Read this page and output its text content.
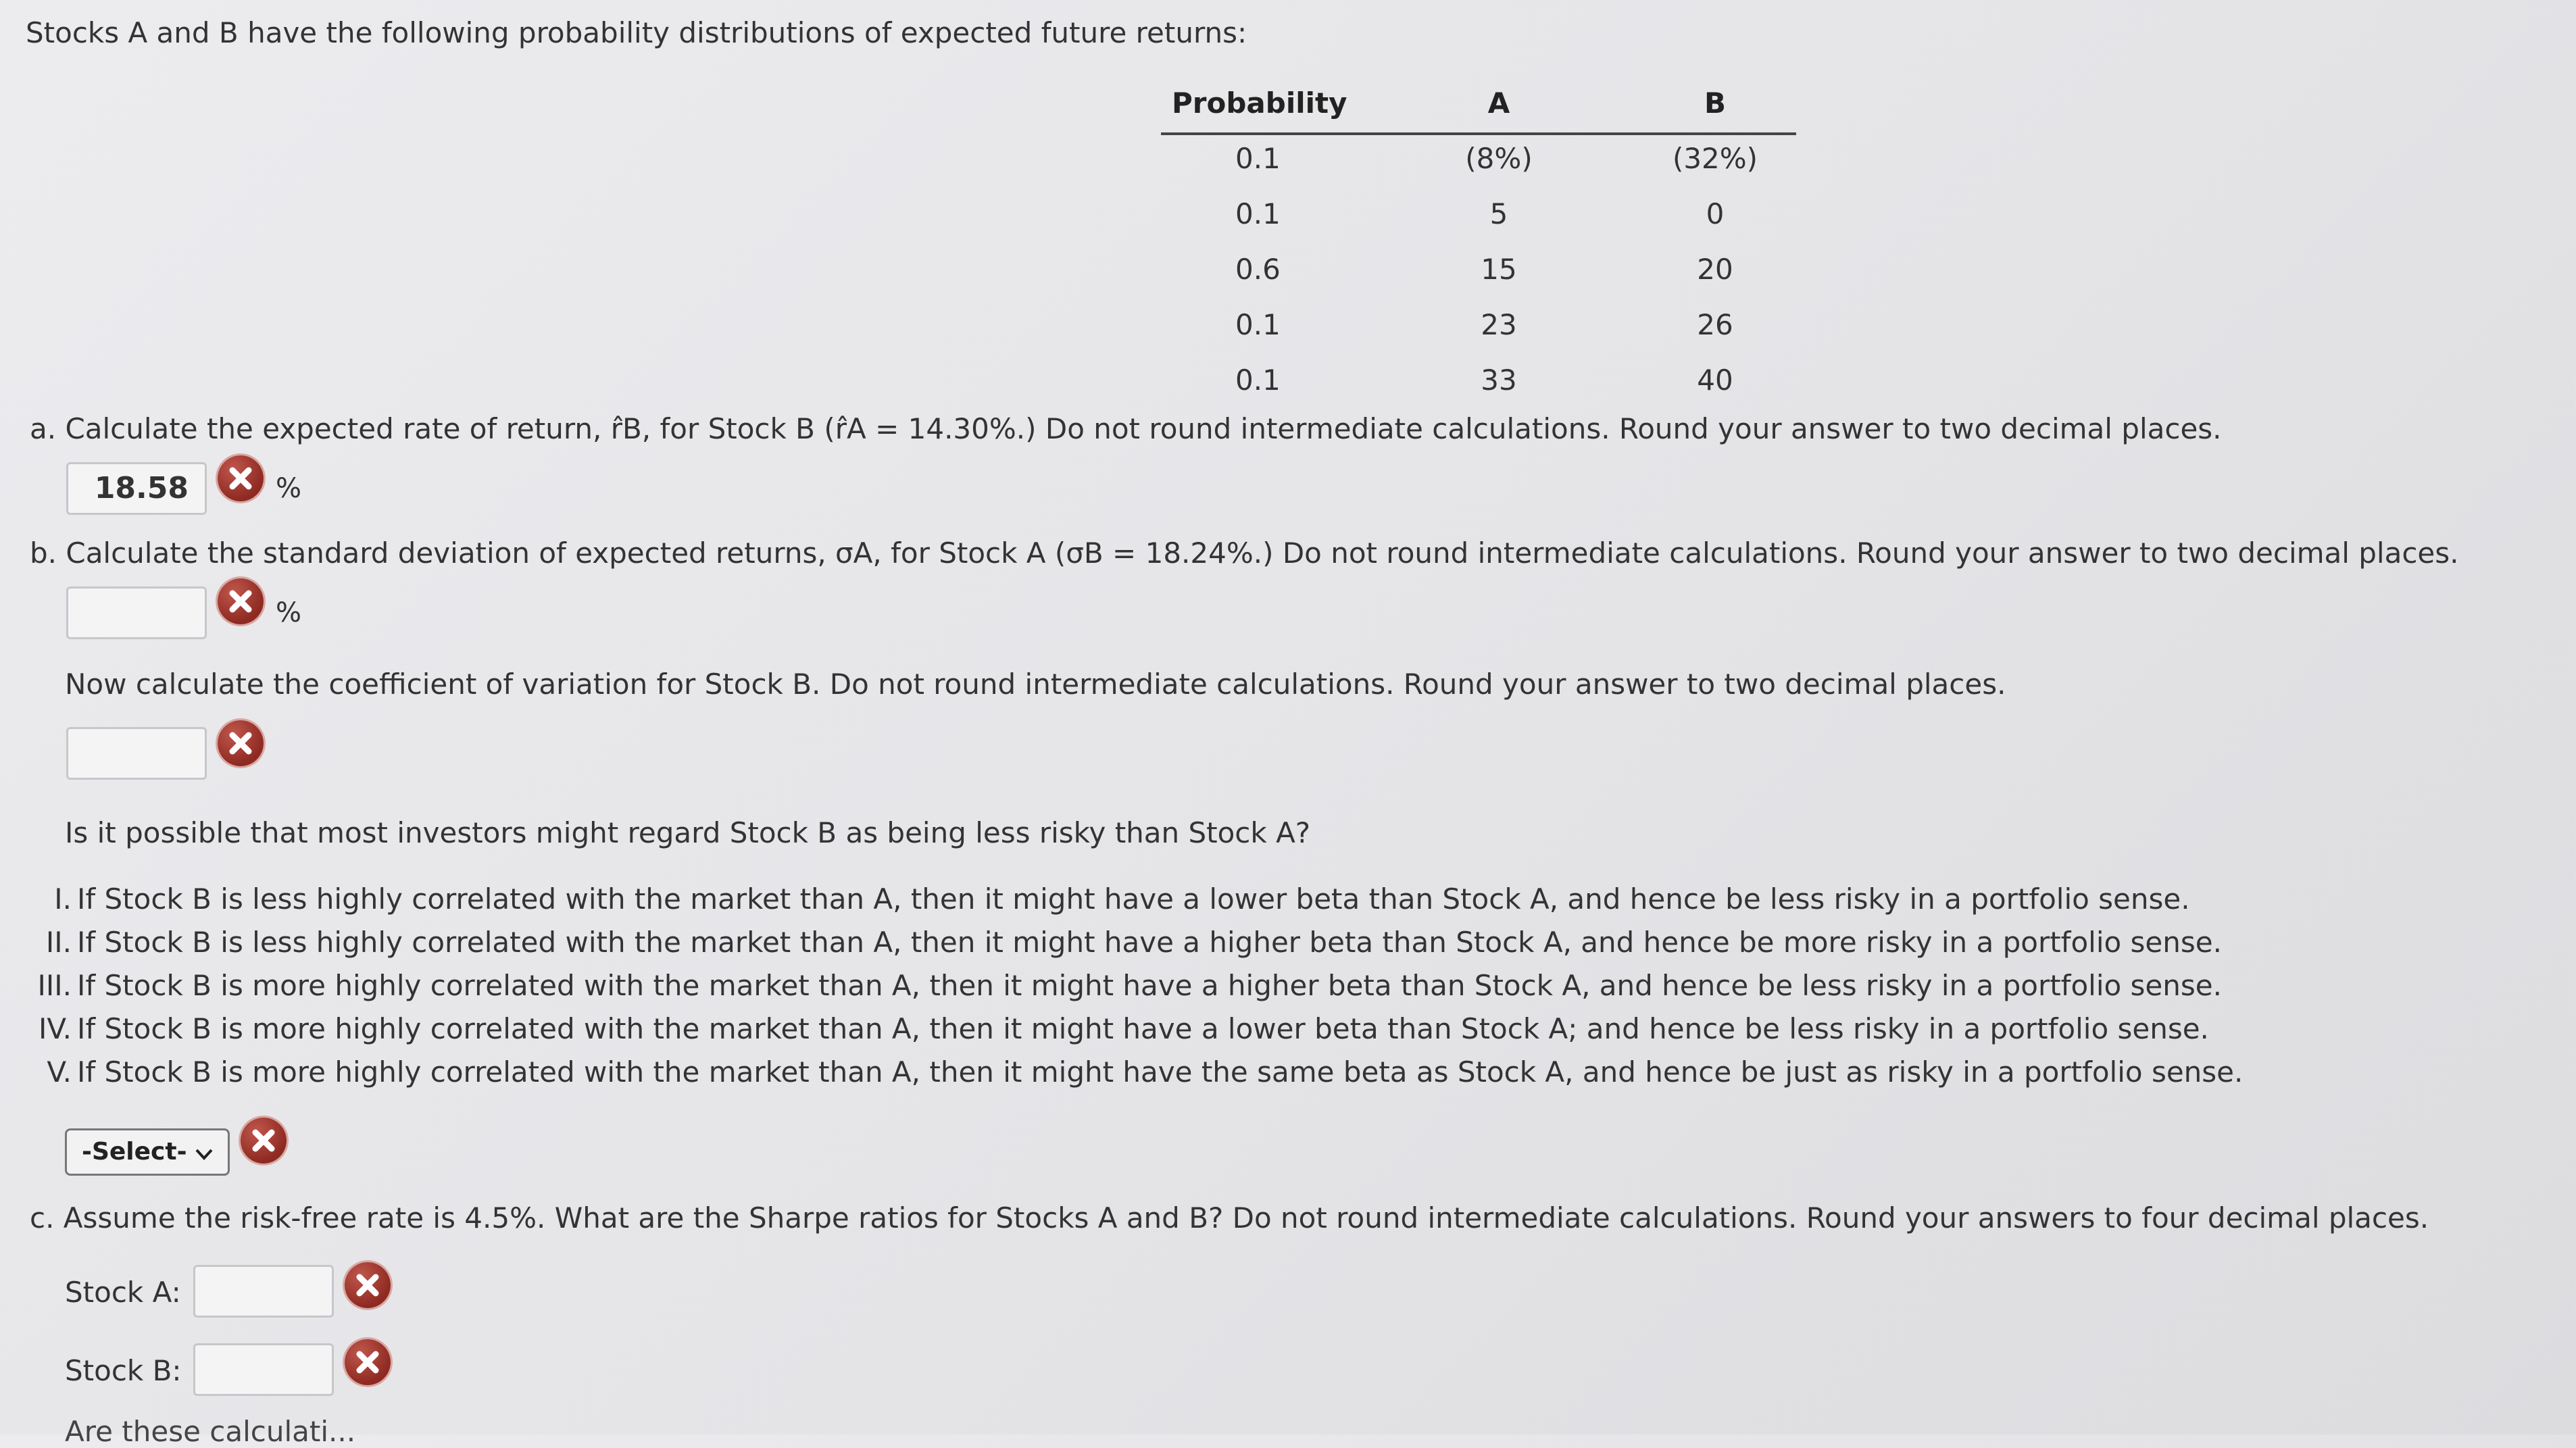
Stocks A and B have the following probability distributions of expected future returns:
Probability	A	B
0.1	(8%)	(32%)
0.1	5	0
0.6	15	20
0.1	23	26
0.1	33	40
a. Calculate the expected rate of return, r̂B, for Stock B (r̂A = 14.30%.) Do not round intermediate calculations. Round your answer to two decimal places.
18.58	%
b. Calculate the standard deviation of expected returns, σA, for Stock A (σB = 18.24%.) Do not round intermediate calculations. Round your answer to two decimal places.
%
Now calculate the coefficient of variation for Stock B. Do not round intermediate calculations. Round your answer to two decimal places.
Is it possible that most investors might regard Stock B as being less risky than Stock A?
I. If Stock B is less highly correlated with the market than A, then it might have a lower beta than Stock A, and hence be less risky in a portfolio sense.
II. If Stock B is less highly correlated with the market than A, then it might have a higher beta than Stock A, and hence be more risky in a portfolio sense.
III. If Stock B is more highly correlated with the market than A, then it might have a higher beta than Stock A, and hence be less risky in a portfolio sense.
IV. If Stock B is more highly correlated with the market than A, then it might have a lower beta than Stock A; and hence be less risky in a portfolio sense.
V. If Stock B is more highly correlated with the market than A, then it might have the same beta as Stock A, and hence be just as risky in a portfolio sense.
-Select-
c. Assume the risk-free rate is 4.5%. What are the Sharpe ratios for Stocks A and B? Do not round intermediate calculations. Round your answers to four decimal places.
Stock A:
Stock B:
Are these calculati...
